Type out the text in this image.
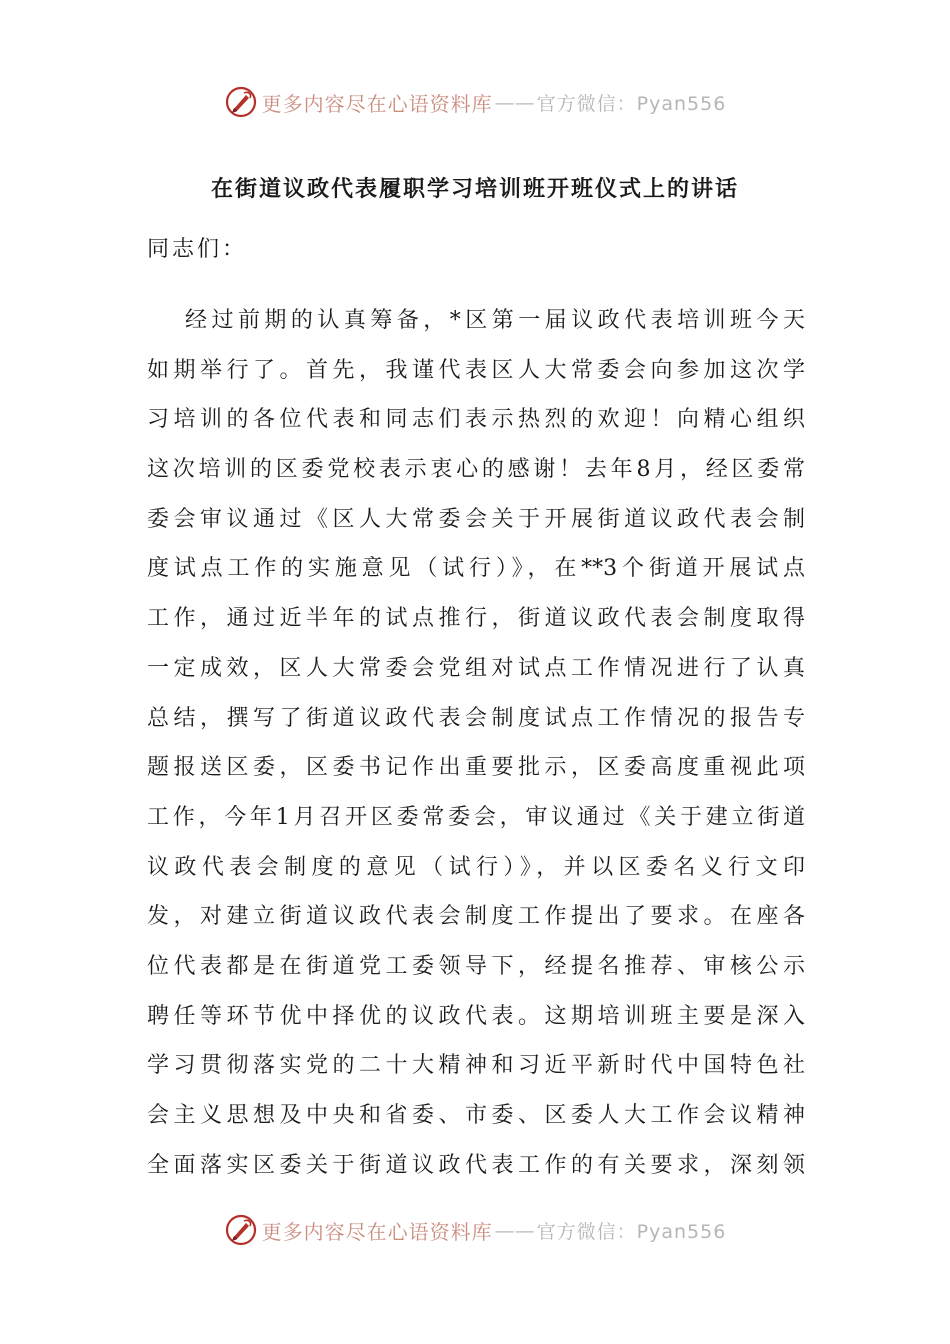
更多内容尽在心语资料库 —— 官方微信：Pyan556
在街道议政代表履职学习培训班开班仪式上的讲话
同志们：
经过前期的认真筹备，*区第一届议政代表培训班今天
如期举行了。首先，我谨代表区人大常委会向参加这次学
习培训的各位代表和同志们表示热烈的欢迎！向精心组织
这次培训的区委党校表示衷心的感谢！去年8月，经区委常
委会审议通过《区人大常委会关于开展街道议政代表会制
度试点工作的实施意见（试行）》，在**3个街道开展试点
工作，通过近半年的试点推行，街道议政代表会制度取得
一定成效，区人大常委会党组对试点工作情况进行了认真
总结，撰写了街道议政代表会制度试点工作情况的报告专
题报送区委，区委书记作出重要批示，区委高度重视此项
工作，今年1月召开区委常委会，审议通过《关于建立街道
议政代表会制度的意见（试行）》，并以区委名义行文印
发，对建立街道议政代表会制度工作提出了要求。在座各
位代表都是在街道党工委领导下，经提名推荐、审核公示
聘任等环节优中择优的议政代表。这期培训班主要是深入
学习贯彻落实党的二十大精神和习近平新时代中国特色社
会主义思想及中央和省委、市委、区委人大工作会议精神
全面落实区委关于街道议政代表工作的有关要求，深刻领
更多内容尽在心语资料库 —— 官方微信：Pyan556
